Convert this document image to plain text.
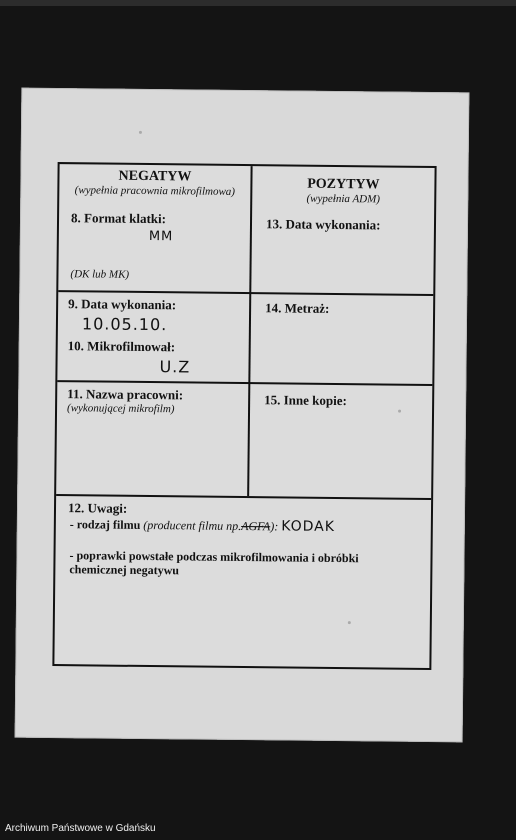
NEGATYW
(wypełnia pracownia mikrofilmowa)	POZYTYW
(wypełnia ADM)
8. Format klatki:
MM
(DK lub MK)
13. Data wykonania:
9. Data wykonania:
10.05.10.
10. Mikrofilmował:
U.Z
14. Metraż:
11. Nazwa pracowni:
(wykonującej mikrofilm)
15. Inne kopie:
12. Uwagi:
- rodzaj filmu (producent filmu np.AGFA): KODAK
- poprawki powstałe podczas mikrofilmowania i obróbki chemicznej negatywu
Archiwum Państwowe w Gdańsku
